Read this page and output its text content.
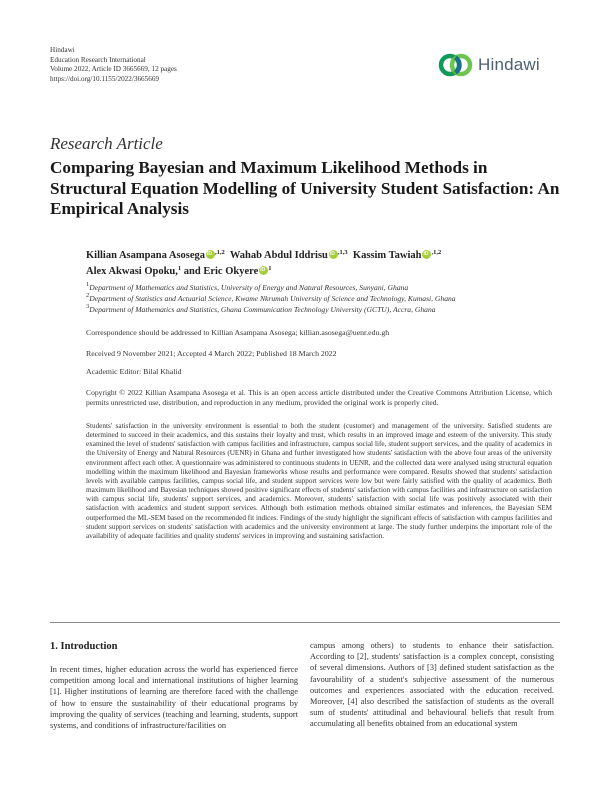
Hindawi
Education Research International
Volume 2022, Article ID 3665669, 12 pages
https://doi.org/10.1155/2022/3665669
Hindawi
Research Article
Comparing Bayesian and Maximum Likelihood Methods in Structural Equation Modelling of University Student Satisfaction: An Empirical Analysis
Killian Asampana Asosega iD $^{,1,2}$ Wahab Abdul Iddrisu iD $^{,1,3}$ Kassim Tawiah iD $^{,1,2}$
Alex Akwasi Opoku,$^1$ and Eric Okyere iD $^1$
$^1$Department of Mathematics and Statistics, University of Energy and Natural Resources, Sunyani, Ghana
$^2$Department of Statistics and Actuarial Science, Kwame Nkrumah University of Science and Technology, Kumasi, Ghana
$^3$Department of Mathematics and Statistics, Ghana Communication Technology University (GCTU), Accra, Ghana
Correspondence should be addressed to Killian Asampana Asosega; killian.asosega@uenr.edu.gh
Received 9 November 2021; Accepted 4 March 2022; Published 18 March 2022
Academic Editor: Bilal Khalid
Copyright © 2022 Killian Asampana Asosega et al. This is an open access article distributed under the Creative Commons Attribution License, which permits unrestricted use, distribution, and reproduction in any medium, provided the original work is properly cited.
Students' satisfaction in the university environment is essential to both the student (customer) and management of the university. Satisfied students are determined to succeed in their academics, and this sustains their loyalty and trust, which results in an improved image and esteem of the university. This study examined the level of students' satisfaction with campus facilities and infrastructure, campus social life, student support services, and the quality of academics in the University of Energy and Natural Resources (UENR) in Ghana and further investigated how students' satisfaction with the above four areas of the university environment affect each other. A questionnaire was administered to continuous students in UENR, and the collected data were analysed using structural equation modelling within the maximum likelihood and Bayesian frameworks whose results and performance were compared. Results showed that students' satisfaction levels with available campus facilities, campus social life, and student support services were low but were fairly satisfied with the quality of academics. Both maximum likelihood and Bayesian techniques showed positive significant effects of students' satisfaction with campus facilities and infrastructure on satisfaction with campus social life, students' support services, and academics. Moreover, students' satisfaction with social life was positively associated with their satisfaction with academics and student support services. Although both estimation methods obtained similar estimates and inferences, the Bayesian SEM outperformed the ML-SEM based on the recommended fit indices. Findings of the study highlight the significant effects of satisfaction with campus facilities and student support services on students' satisfaction with academics and the university environment at large. The study further underpins the important role of the availability of adequate facilities and quality students' services in improving and sustaining satisfaction.
1. Introduction
In recent times, higher education across the world has experienced fierce competition among local and international institutions of higher learning [1]. Higher institutions of learning are therefore faced with the challenge of how to ensure the sustainability of their educational programs by improving the quality of services (teaching and learning, students, support systems, and conditions of infrastructure/facilities on
campus among others) to students to enhance their satisfaction. According to [2], students' satisfaction is a complex concept, consisting of several dimensions. Authors of [3] defined student satisfaction as the favourability of a student's subjective assessment of the numerous outcomes and experiences associated with the education received. Moreover, [4] also described the satisfaction of students as the overall sum of students' attitudinal and behavioural beliefs that result from accumulating all benefits obtained from an educational system
